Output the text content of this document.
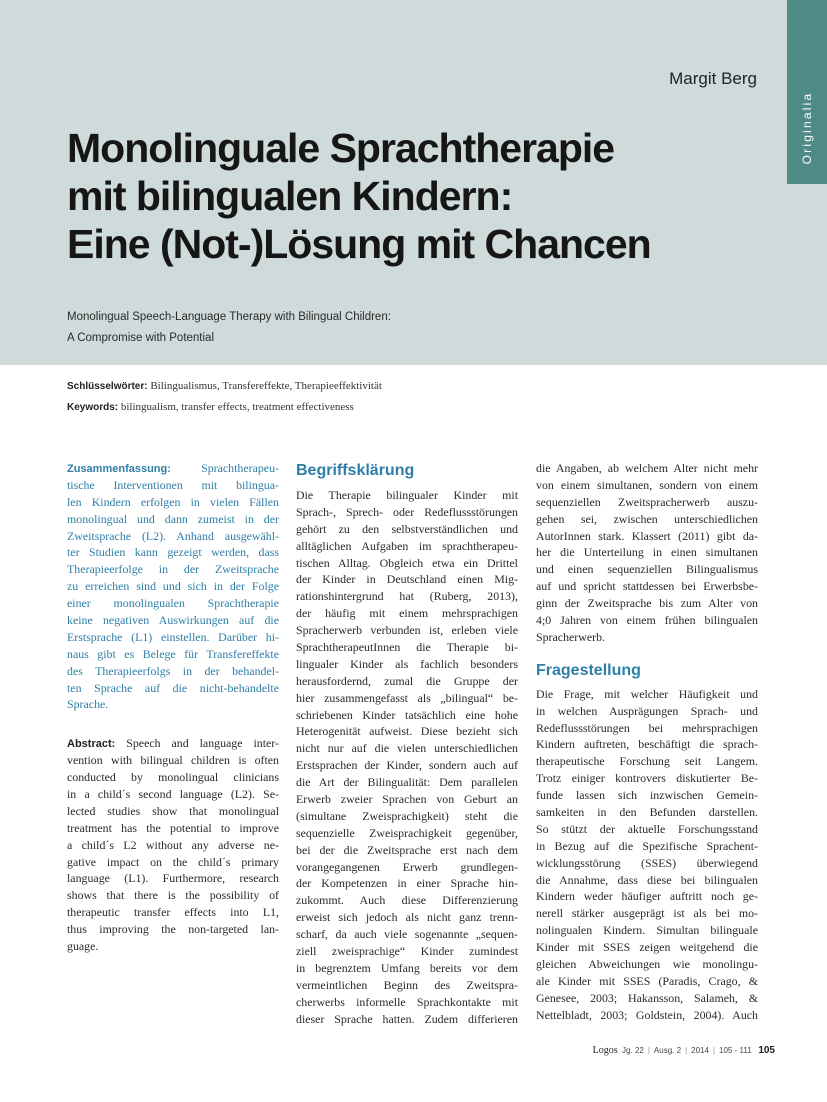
Originalia
Margit Berg
Monolinguale Sprachtherapie
mit bilingualen Kindern:
Eine (Not-)Lösung mit Chancen
Monolingual Speech-Language Therapy with Bilingual Children:
A Compromise with Potential
Schlüsselwörter: Bilingualismus, Transfereffekte, Therapieeffektivität
Keywords: bilingualism, transfer effects, treatment effectiveness
Zusammenfassung:	Sprachtherapeu-
tische Interventionen mit bilingua-
len Kindern erfolgen in vielen Fällen
monolingual und dann zumeist in der
Zweitsprache (L2). Anhand ausgewähl-
ter Studien kann gezeigt werden, dass
Therapieerfolge in der Zweitsprache
zu erreichen sind und sich in der Folge
einer monolingualen Sprachtherapie
keine negativen Auswirkungen auf die
Erstsprache (L1) einstellen. Darüber hi-
naus gibt es Belege für Transfereffekte
des Therapieerfolgs in der behandel-
ten Sprache auf die nicht-behandelte
Sprache.
Abstract: Speech and language inter-
vention with bilingual children is often
conducted by monolingual clinicians
in a child´s second language (L2). Se-
lected studies show that monolingual
treatment has the potential to improve
a child´s L2 without any adverse ne-
gative impact on the child´s primary
language (L1). Furthermore, research
shows that there is the possibility of
therapeutic transfer effects into L1,
thus improving the non-targeted lan-
guage.
Begriffsklärung
Die Therapie bilingualer Kinder mit
Sprach-, Sprech- oder Redeflussstörungen
gehört zu den selbstverständlichen und
alltäglichen Aufgaben im sprachtherapeu-
tischen Alltag. Obgleich etwa ein Drittel
der Kinder in Deutschland einen Mig-
rationshintergrund hat (Ruberg, 2013),
der häufig mit einem mehrsprachigen
Spracherwerb verbunden ist, erleben viele
SprachtherapeutInnen die Therapie bi-
lingualer Kinder als fachlich besonders
herausfordernd, zumal die Gruppe der
hier zusammengefasst als „bilingual“ be-
schriebenen Kinder tatsächlich eine hohe
Heterogenität aufweist. Diese bezieht sich
nicht nur auf die vielen unterschiedlichen
Erstsprachen der Kinder, sondern auch auf
die Art der Bilingualität: Dem parallelen
Erwerb zweier Sprachen von Geburt an
(simultane Zweisprachigkeit) steht die
sequenzielle Zweisprachigkeit gegenüber,
bei der die Zweitsprache erst nach dem
vorangegangenen Erwerb grundlegen-
der Kompetenzen in einer Sprache hin-
zukommt. Auch diese Differenzierung
erweist sich jedoch als nicht ganz trenn-
scharf, da auch viele sogenannte „sequen-
ziell zweisprachige“ Kinder zumindest
in begrenztem Umfang bereits vor dem
vermeintlichen Beginn des Zweitspra-
cherwerbs informelle Sprachkontakte mit
dieser Sprache hatten. Zudem differieren
die Angaben, ab welchem Alter nicht mehr
von einem simultanen, sondern von einem
sequenziellen Zweitspracherwerb auszu-
gehen sei, zwischen unterschiedlichen
AutorInnen stark. Klassert (2011) gibt da-
her die Unterteilung in einen simultanen
und einen sequenziellen Bilingualismus
auf und spricht stattdessen bei Erwerbsbe-
ginn der Zweitsprache bis zum Alter von
4;0 Jahren von einem frühen bilingualen
Spracherwerb.
Fragestellung
Die Frage, mit welcher Häufigkeit und
in welchen Ausprägungen Sprach- und
Redeflussstörungen bei mehrsprachigen
Kindern auftreten, beschäftigt die sprach-
therapeutische Forschung seit Langem.
Trotz einiger kontrovers diskutierter Be-
funde lassen sich inzwischen Gemein-
samkeiten in den Befunden darstellen.
So stützt der aktuelle Forschungsstand
in Bezug auf die Spezifische Sprachent-
wicklungsstörung (SSES) überwiegend
die Annahme, dass diese bei bilingualen
Kindern weder häufiger auftritt noch ge-
nerell stärker ausgeprägt ist als bei mo-
nolingualen Kindern. Simultan bilinguale
Kinder mit SSES zeigen weitgehend die
gleichen Abweichungen wie monolingu-
ale Kinder mit SSES (Paradis, Crago, &
Genesee, 2003; Hakansson, Salameh, &
Nettelbladt, 2003; Goldstein, 2004). Auch
Logos Jg. 22 | Ausg. 2 | 2014 | 105 - 111 105
